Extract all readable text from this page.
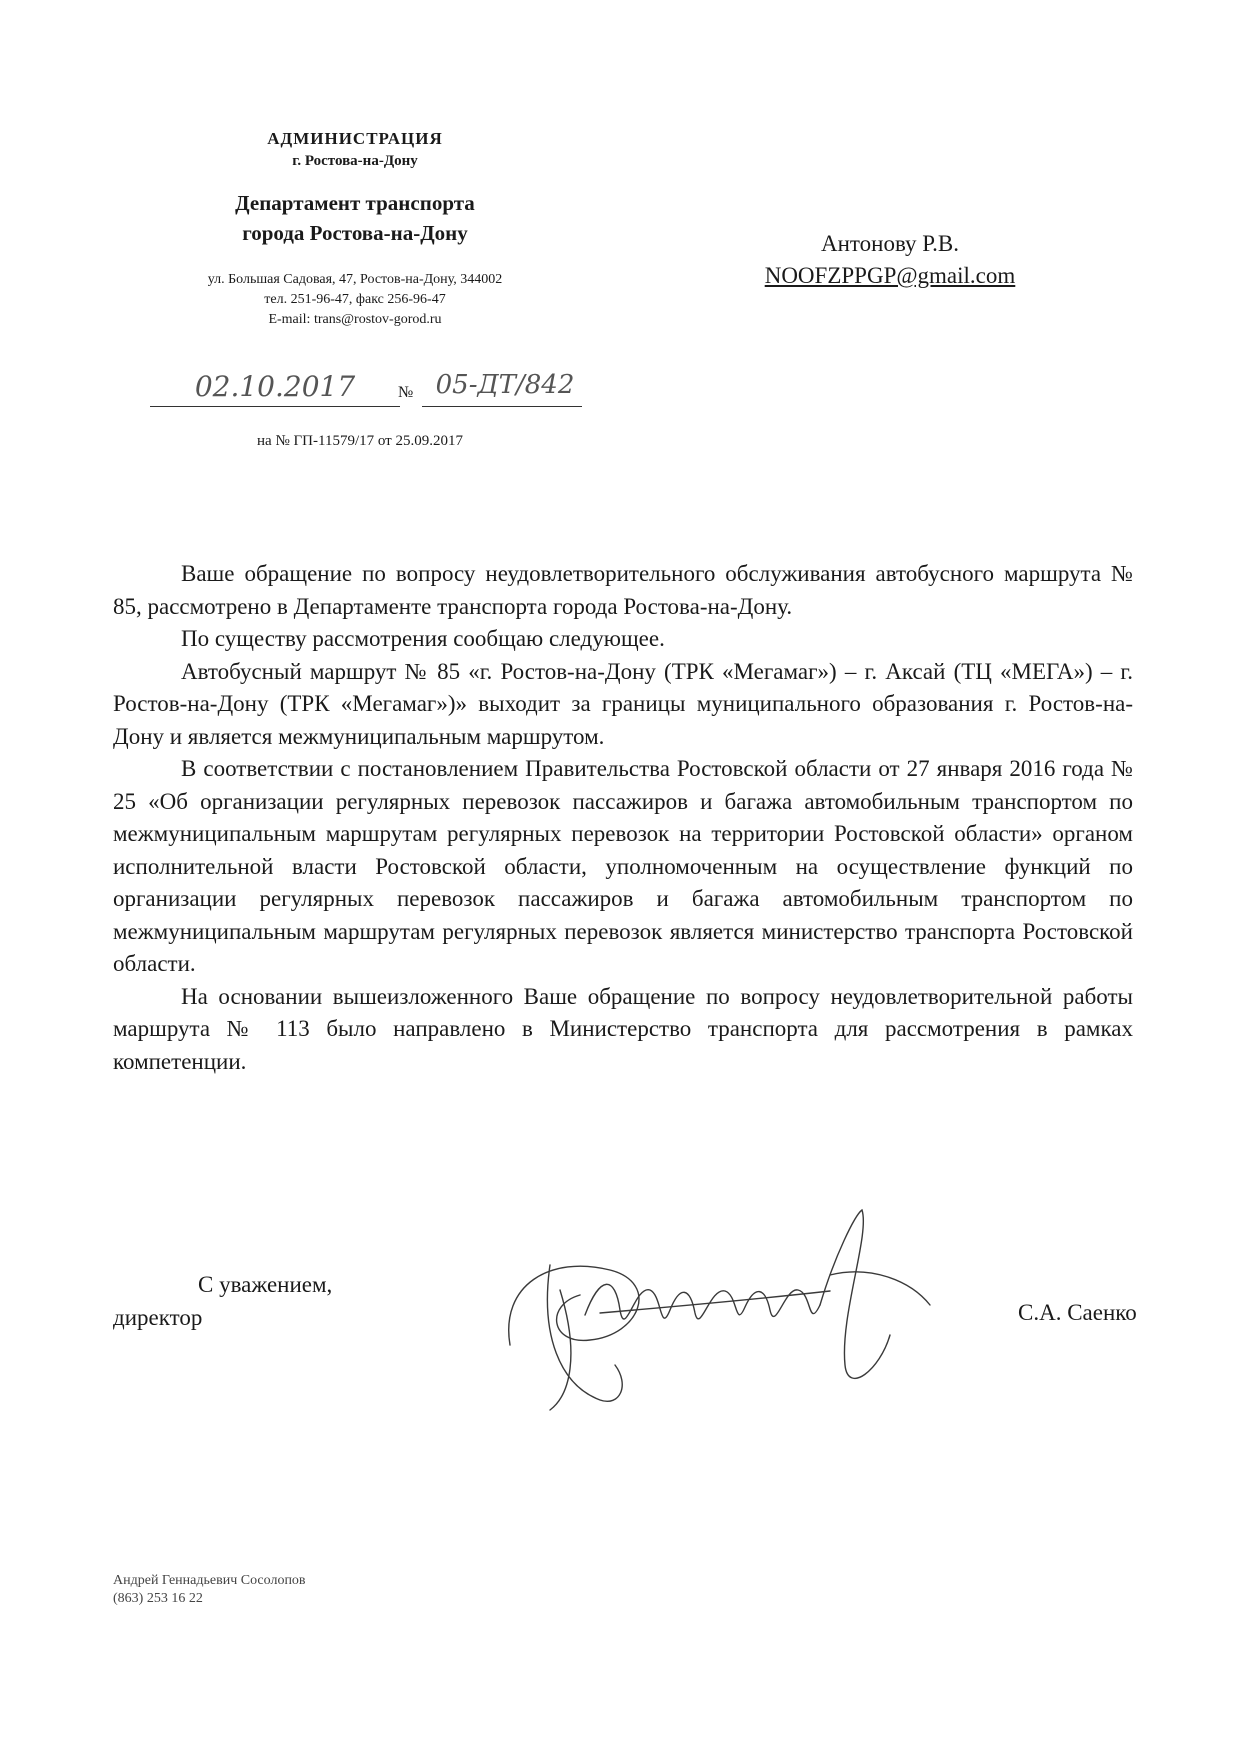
АДМИНИСТРАЦИЯ
г. Ростова-на-Дону
Департамент транспорта
города Ростова-на-Дону
ул. Большая Садовая, 47, Ростов-на-Дону, 344002
тел. 251-96-47, факс 256-96-47
E-mail: trans@rostov-gorod.ru
02.10.2017	№ 05-ДТ/842
на № ГП-11579/17 от 25.09.2017
Антонову Р.В.
NOOFZPPGP@gmail.com

Ваше обращение по вопросу неудовлетворительного обслуживания автобусного маршрута № 85, рассмотрено в Департаменте транспорта города Ростова-на-Дону.

По существу рассмотрения сообщаю следующее.

Автобусный маршрут № 85 «г. Ростов-на-Дону (ТРК «Мегамаг») – г. Аксай (ТЦ «МЕГА») – г. Ростов-на-Дону (ТРК «Мегамаг»)» выходит за границы муниципального образования г. Ростов-на-Дону и является межмуниципальным маршрутом.

В соответствии с постановлением Правительства Ростовской области от 27 января 2016 года № 25 «Об организации регулярных перевозок пассажиров и багажа автомобильным транспортом по межмуниципальным маршрутам регулярных перевозок на территории Ростовской области» органом исполнительной власти Ростовской области, уполномоченным на осуществление функций по организации регулярных перевозок пассажиров и багажа автомобильным транспортом по межмуниципальным маршрутам регулярных перевозок является министерство транспорта Ростовской области.

На основании вышеизложенного Ваше обращение по вопросу неудовлетворительной работы маршрута № 113 было направлено в Министерство транспорта для рассмотрения в рамках компетенции.

С уважением,
директор	С.А. Саенко
Андрей Геннадьевич Сосолопов
(863) 253 16 22
